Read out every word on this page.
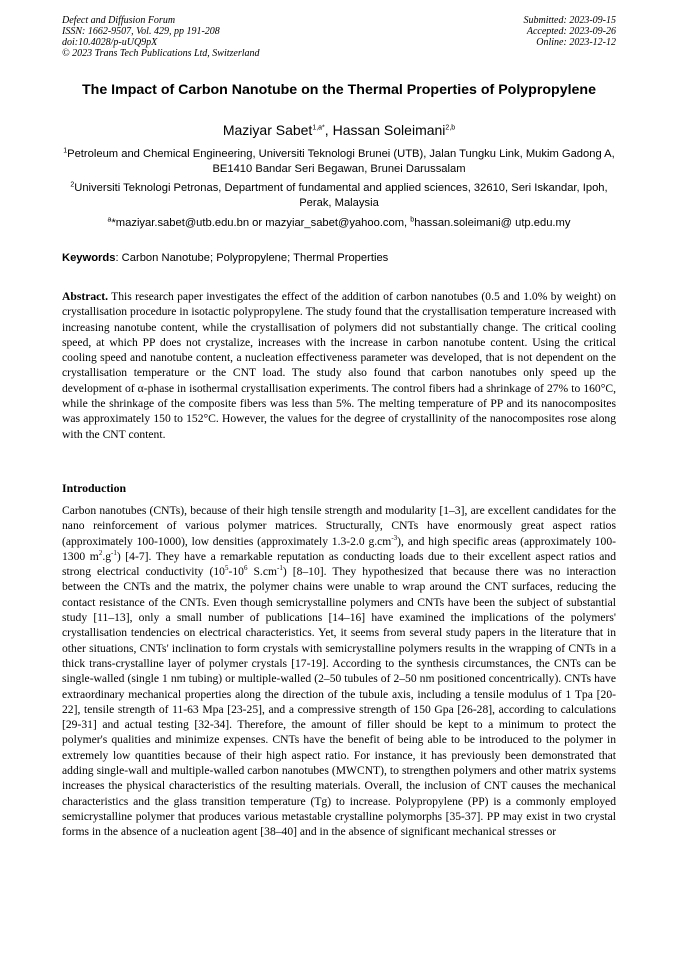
Defect and Diffusion Forum
ISSN: 1662-9507, Vol. 429, pp 191-208
doi:10.4028/p-uUQ9pX
© 2023 Trans Tech Publications Ltd, Switzerland
Submitted: 2023-09-15
Accepted: 2023-09-26
Online: 2023-12-12
The Impact of Carbon Nanotube on the Thermal Properties of Polypropylene
Maziyar Sabet$^{1,a*}$, Hassan Soleimani$^{2,b}$
$^1$Petroleum and Chemical Engineering, Universiti Teknologi Brunei (UTB), Jalan Tungku Link, Mukim Gadong A, BE1410 Bandar Seri Begawan, Brunei Darussalam
$^2$Universiti Teknologi Petronas, Department of fundamental and applied sciences, 32610, Seri Iskandar, Ipoh, Perak, Malaysia
$^a$*maziyar.sabet@utb.edu.bn or mazyiar_sabet@yahoo.com, $^b$hassan.soleimani@ utp.edu.my
Keywords: Carbon Nanotube; Polypropylene; Thermal Properties
Abstract. This research paper investigates the effect of the addition of carbon nanotubes (0.5 and 1.0% by weight) on crystallisation procedure in isotactic polypropylene. The study found that the crystallisation temperature increased with increasing nanotube content, while the crystallisation of polymers did not substantially change. The critical cooling speed, at which PP does not crystalize, increases with the increase in carbon nanotube content. Using the critical cooling speed and nanotube content, a nucleation effectiveness parameter was developed, that is not dependent on the crystallisation temperature or the CNT load. The study also found that carbon nanotubes only speed up the development of α-phase in isothermal crystallisation experiments. The control fibers had a shrinkage of 27% to 160°C, while the shrinkage of the composite fibers was less than 5%. The melting temperature of PP and its nanocomposites was approximately 150 to 152°C. However, the values for the degree of crystallinity of the nanocomposites rose along with the CNT content.
Introduction
Carbon nanotubes (CNTs), because of their high tensile strength and modularity [1–3], are excellent candidates for the nano reinforcement of various polymer matrices. Structurally, CNTs have enormously great aspect ratios (approximately 100-1000), low densities (approximately 1.3-2.0 $g.cm^{-3}$), and high specific areas (approximately 100-1300 $m^2.g^{-1}$) [4-7]. They have a remarkable reputation as conducting loads due to their excellent aspect ratios and strong electrical conductivity ($10^5-10^6$ $S.cm^{-1}$) [8–10]. They hypothesized that because there was no interaction between the CNTs and the matrix, the polymer chains were unable to wrap around the CNT surfaces, reducing the contact resistance of the CNTs. Even though semicrystalline polymers and CNTs have been the subject of substantial study [11–13], only a small number of publications [14–16] have examined the implications of the polymers' crystallisation tendencies on electrical characteristics. Yet, it seems from several study papers in the literature that in other situations, CNTs' inclination to form crystals with semicrystalline polymers results in the wrapping of CNTs in a thick trans-crystalline layer of polymer crystals [17-19]. According to the synthesis circumstances, the CNTs can be single-walled (single 1 nm tubing) or multiple-walled (2–50 tubules of 2–50 nm positioned concentrically). CNTs have extraordinary mechanical properties along the direction of the tubule axis, including a tensile modulus of 1 Tpa [20-22], tensile strength of 11-63 Mpa [23-25], and a compressive strength of 150 Gpa [26-28], according to calculations [29-31] and actual testing [32-34]. Therefore, the amount of filler should be kept to a minimum to protect the polymer's qualities and minimize expenses. CNTs have the benefit of being able to be introduced to the polymer in extremely low quantities because of their high aspect ratio. For instance, it has previously been demonstrated that adding single-wall and multiple-walled carbon nanotubes (MWCNT), to strengthen polymers and other matrix systems increases the physical characteristics of the resulting materials. Overall, the inclusion of CNT causes the mechanical characteristics and the glass transition temperature (Tg) to increase. Polypropylene (PP) is a commonly employed semicrystalline polymer that produces various metastable crystalline polymorphs [35-37]. PP may exist in two crystal forms in the absence of a nucleation agent [38–40] and in the absence of significant mechanical stresses or
